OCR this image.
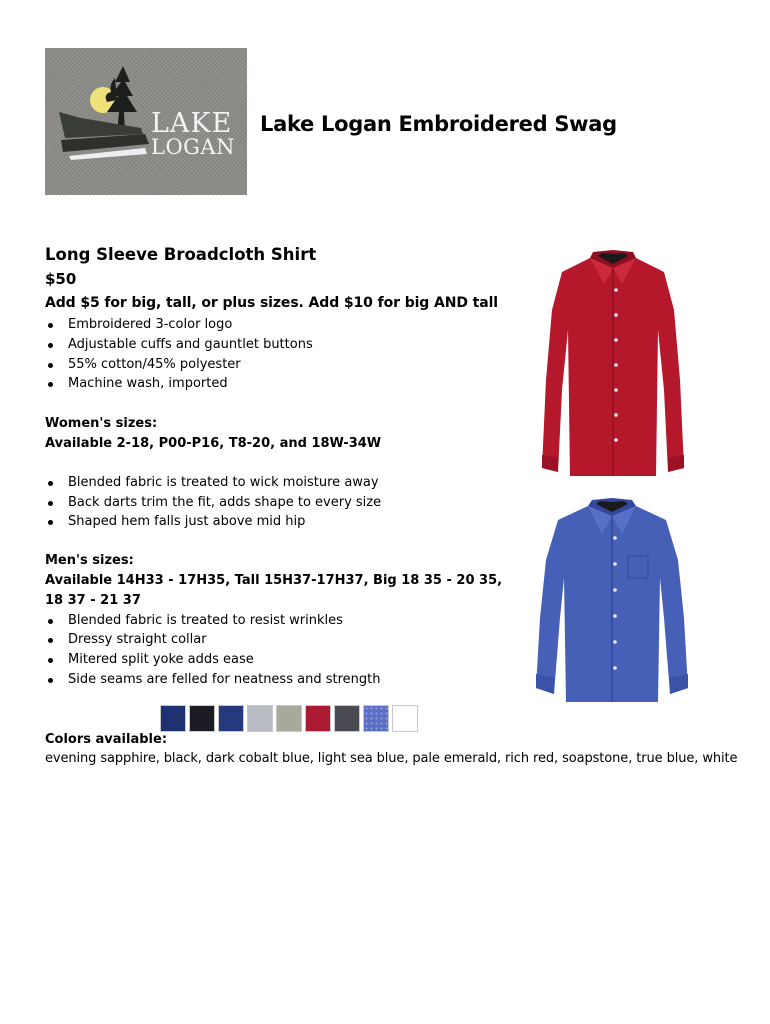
LAKE
LOGAN
Lake Logan Embroidered Swag

Long Sleeve Broadcloth Shirt

$50

Add $5 for big, tall, or plus sizes. Add $10 for big AND tall

Embroidered 3-color logo
Adjustable cuffs and gauntlet buttons
55% cotton/45% polyester
Machine wash, imported

Women's sizes:

Available 2-18, P00-P16, T8-20, and 18W-34W

Blended fabric is treated to wick moisture away
Back darts trim the fit, adds shape to every size
Shaped hem falls just above mid hip

Men's sizes:

Available 14H33 - 17H35, Tall 15H37-17H37, Big 18 35 - 20 35, 18 37 - 21 37

Blended fabric is treated to resist wrinkles
Dressy straight collar
Mitered split yoke adds ease
Side seams are felled for neatness and strength

Colors available:

evening sapphire, black, dark cobalt blue, light sea blue, pale emerald, rich red, soapstone, true blue, white
